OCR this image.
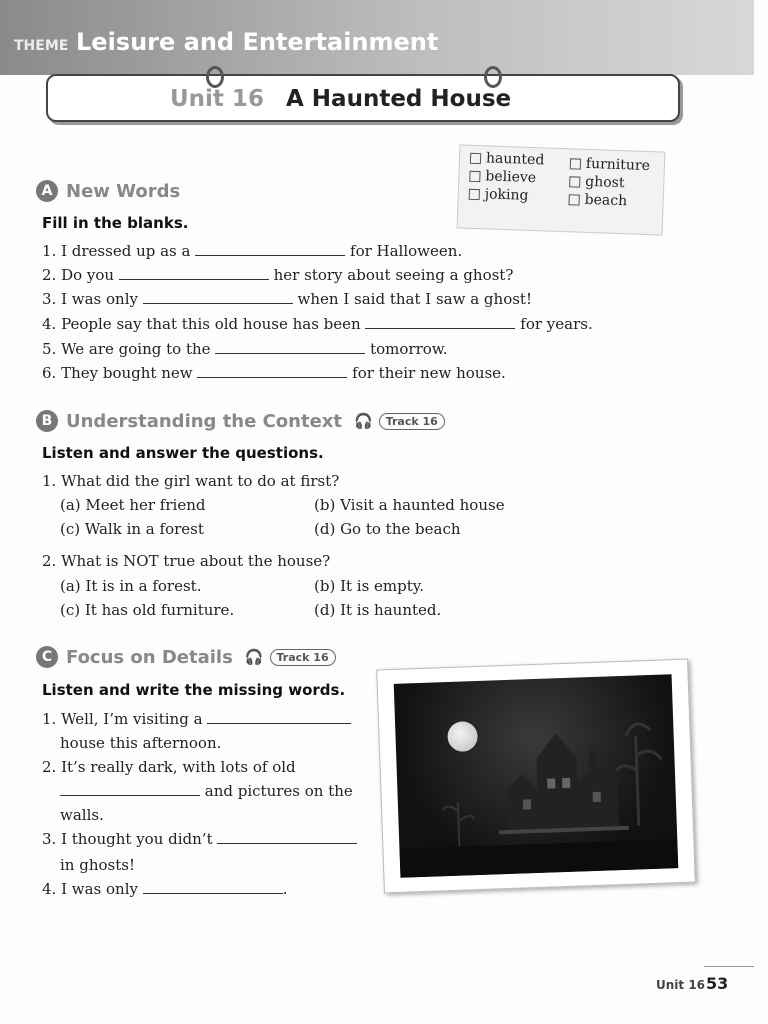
THEME Leisure and Entertainment
Unit 16 A Haunted House
haunted
believe
joking
furniture
ghost
beach
A New Words
Fill in the blanks.
1. I dressed up as a	for Halloween.
2. Do you	her story about seeing a ghost?
3. I was only	when I said that I saw a ghost!
4. People say that this old house has been	for years.
5. We are going to the	tomorrow.
6. They bought new	for their new house.
B Understanding the Context 🎧	Track 16
Listen and answer the questions.
1. What did the girl want to do at first?
(a) Meet her friend	(b) Visit a haunted house
(c) Walk in a forest	(d) Go to the beach
2. What is NOT true about the house?
(a) It is in a forest.	(b) It is empty.
(c) It has old furniture.	(d) It is haunted.
C Focus on Details 🎧	Track 16
Listen and write the missing words.
1. Well, I’m visiting a
house this afternoon.
2. It’s really dark, with lots of old
and pictures on the
walls.
3. I thought you didn’t
in ghosts!
4. I was only	.
Unit 16 53
